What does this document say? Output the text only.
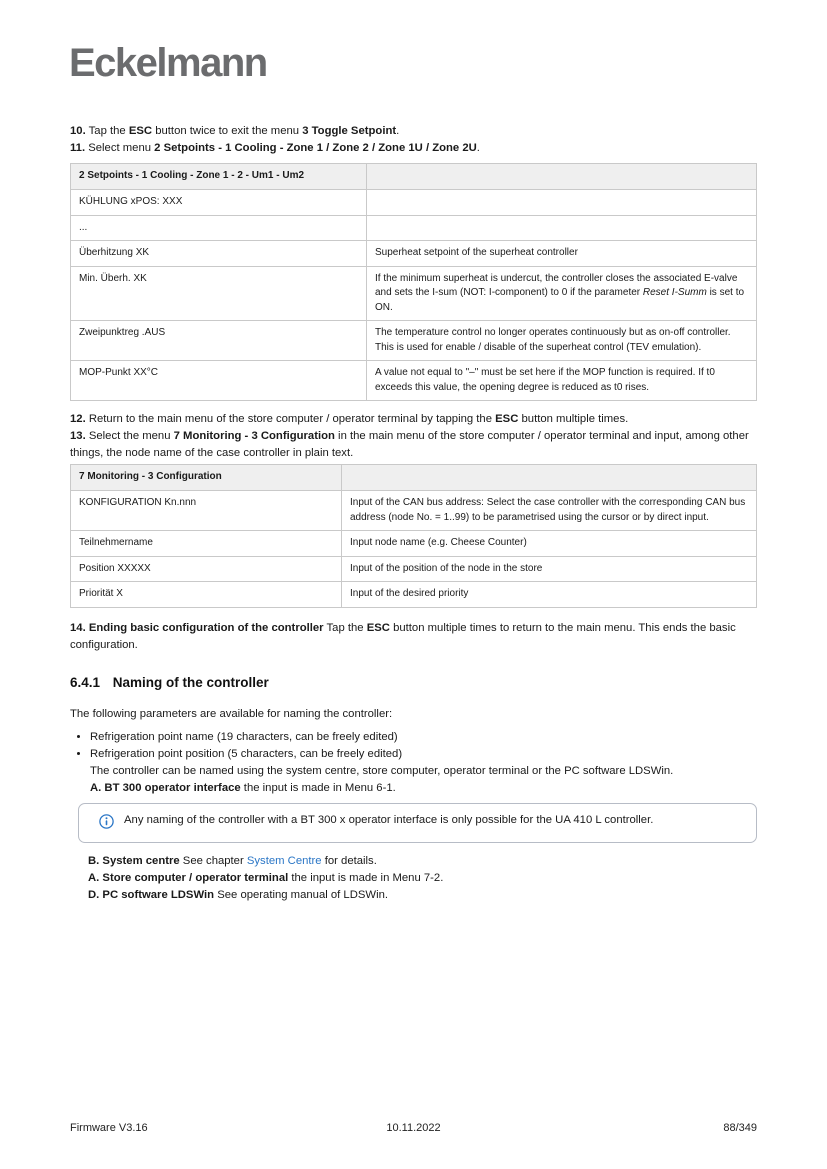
Eckelmann
10. Tap the ESC button twice to exit the menu 3 Toggle Setpoint.
11. Select menu 2 Setpoints - 1 Cooling - Zone 1 / Zone 2 / Zone 1U / Zone 2U.
2 Setpoints - 1 Cooling - Zone 1 - 2 - Um1 - Um2	
KÜHLUNG xPOS: XXX	
...	
Überhitzung XK	Superheat setpoint of the superheat controller
Min. Überh. XK	If the minimum superheat is undercut, the controller closes the associated E-valve and sets the I-sum (NOT: I-component) to 0 if the parameter Reset I-Summ is set to ON.
Zweipunktreg .AUS	The temperature control no longer operates continuously but as on-off controller. This is used for enable / disable of the superheat control (TEV emulation).
MOP-Punkt XX°C	A value not equal to "–" must be set here if the MOP function is required. If t0 exceeds this value, the opening degree is reduced as t0 rises.
12. Return to the main menu of the store computer / operator terminal by tapping the ESC button multiple times.
13. Select the menu 7 Monitoring - 3 Configuration in the main menu of the store computer / operator terminal and input, among other things, the node name of the case controller in plain text.
7 Monitoring - 3 Configuration	
KONFIGURATION Kn.nnn	Input of the CAN bus address: Select the case controller with the corresponding CAN bus address (node No. = 1..99) to be parametrised using the cursor or by direct input.
Teilnehmername	Input node name (e.g. Cheese Counter)
Position XXXXX	Input of the position of the node in the store
Priorität X	Input of the desired priority
14. Ending basic configuration of the controller Tap the ESC button multiple times to return to the main menu. This ends the basic configuration.
6.4.1 Naming of the controller
The following parameters are available for naming the controller:
• Refrigeration point name (19 characters, can be freely edited)
• Refrigeration point position (5 characters, can be freely edited)
The controller can be named using the system centre, store computer, operator terminal or the PC software LDSWin.
A. BT 300 operator interface the input is made in Menu 6-1.
Any naming of the controller with a BT 300 x operator interface is only possible for the UA 410 L controller.
B. System centre See chapter System Centre for details.
A. Store computer / operator terminal the input is made in Menu 7-2.
D. PC software LDSWin See operating manual of LDSWin.
Firmware V3.16	10.11.2022	88/349
